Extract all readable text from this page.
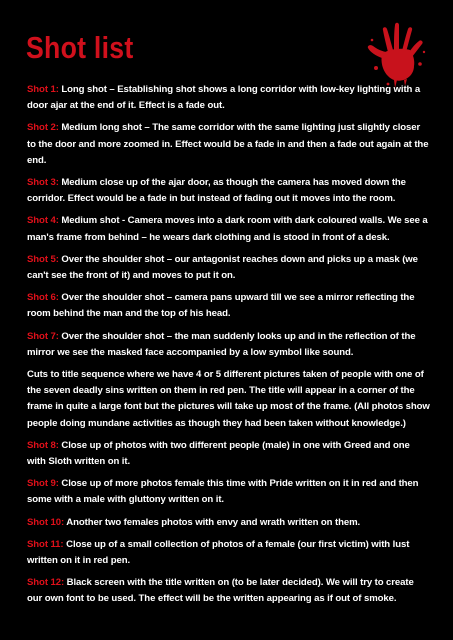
Shot list

Shot 1: Long shot – Establishing shot shows a long corridor with low-key lighting with a door ajar at the end of it. Effect is a fade out.

Shot 2: Medium long shot – The same corridor with the same lighting just slightly closer to the door and more zoomed in. Effect would be a fade in and then a fade out again at the end.

Shot 3: Medium close up of the ajar door, as though the camera has moved down the corridor. Effect would be a fade in but instead of fading out it moves into the room.

Shot 4: Medium shot - Camera moves into a dark room with dark coloured walls. We see a man's frame from behind – he wears dark clothing and is stood in front of a desk.

Shot 5: Over the shoulder shot – our antagonist reaches down and picks up a mask (we can't see the front of it) and moves to put it on.

Shot 6: Over the shoulder shot – camera pans upward till we see a mirror reflecting the room behind the man and the top of his head.

Shot 7: Over the shoulder shot – the man suddenly looks up and in the reflection of the mirror we see the masked face accompanied by a low symbol like sound.

Cuts to title sequence where we have 4 or 5 different pictures taken of people with one of the seven deadly sins written on them in red pen. The title will appear in a corner of the frame in quite a large font but the pictures will take up most of the frame. (All photos show people doing mundane activities as though they had been taken without knowledge.)

Shot 8: Close up of photos with two different people (male) in one with Greed and one with Sloth written on it.

Shot 9: Close up of more photos female this time with Pride written on it in red and then some with a male with gluttony written on it.

Shot 10: Another two females photos with envy and wrath written on them.

Shot 11: Close up of a small collection of photos of a female (our first victim) with lust written on it in red pen.

Shot 12: Black screen with the title written on (to be later decided). We will try to create our own font to be used. The effect will be the written appearing as if out of smoke.
